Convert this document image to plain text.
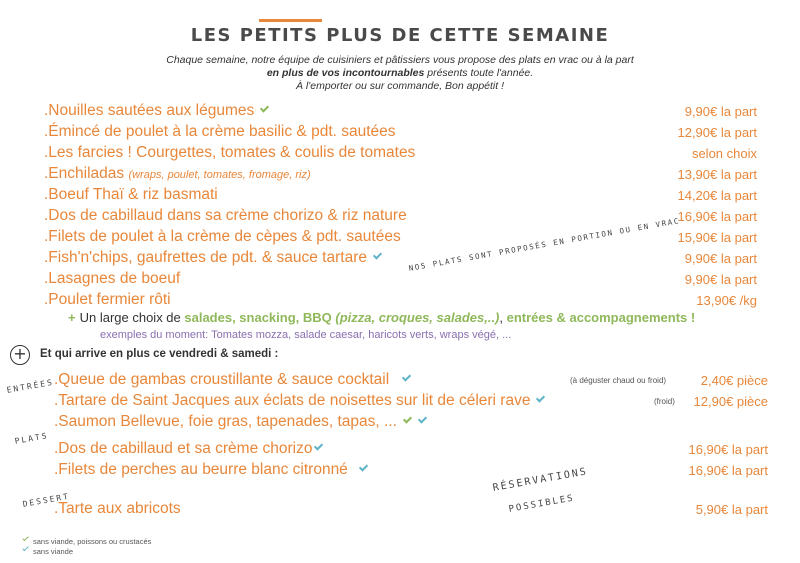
LES PETITS PLUS DE CETTE SEMAINE
Chaque semaine, notre équipe de cuisiniers et pâtissiers vous propose des plats en vrac ou à la part
en plus de vos incontournables présents toute l'année.
À l'emporter ou sur commande, Bon appétit !
.Nouilles sautées aux légumes	9,90€ la part
.Émincé de poulet à la crème basilic & pdt. sautées	12,90€ la part
.Les farcies ! Courgettes, tomates & coulis de tomates	selon choix
.Enchiladas (wraps, poulet, tomates, fromage, riz)	13,90€ la part
.Boeuf Thaï & riz basmati	14,20€ la part
.Dos de cabillaud dans sa crème chorizo & riz nature	16,90€ la part
.Filets de poulet à la crème de cèpes & pdt. sautées	15,90€ la part
.Fish'n'chips, gaufrettes de pdt. & sauce tartare	9,90€ la part
.Lasagnes de boeuf	9,90€ la part
.Poulet fermier rôti	13,90€ /kg
+ Un large choix de salades, snacking, BBQ (pizza, croques, salades,..), entrées & accompagnements !
exemples du moment: Tomates mozza, salade caesar, haricots verts, wraps végé, ...
+ Et qui arrive en plus ce vendredi & samedi :
.Queue de gambas croustillante & sauce cocktail	(à déguster chaud ou froid)	2,40€ pièce
.Tartare de Saint Jacques aux éclats de noisettes sur lit de céleri rave	(froid) 12,90€ pièce
.Saumon Bellevue, foie gras, tapenades, tapas, ...
.Dos de cabillaud et sa crème chorizo	16,90€ la part
.Filets de perches au beurre blanc citronné	16,90€ la part
.Tarte aux abricots	5,90€ la part
NOS PLATS SONT PROPOSÉS EN PORTION OU EN VRAC
ENTRÉES
PLATS
DESSERT
RÉSERVATIONS
POSSIBLES
sans viande, poissons ou crustacés
sans viande
